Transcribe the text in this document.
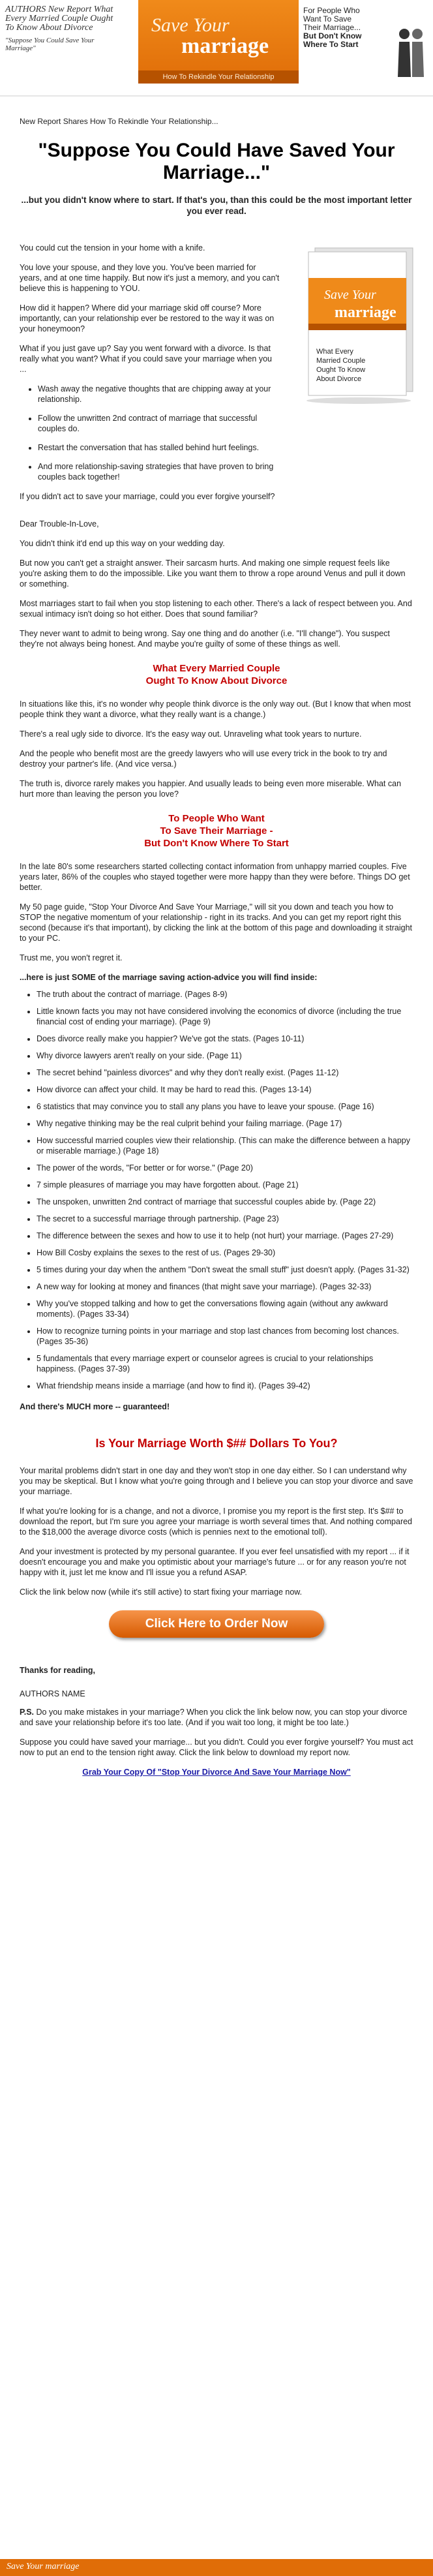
AUTHORS New Report What Every Married Couple Ought To Know About Divorce
"Suppose You Could Save Your Marriage"
Save Your
marriage
How To Rekindle Your Relationship
For People Who
Want To Save
Their Marriage...
But Don't Know
Where To Start
New Report Shares How To Rekindle Your Relationship...
"Suppose You Could Have Saved Your Marriage..."
...but you didn't know where to start. If that's you, than this could be the most important letter you ever read.

You could cut the tension in your home with a knife.

You love your spouse, and they love you. You've been married for years, and at one time happily. But now it's just a memory, and you can't believe this is happening to YOU.

How did it happen? Where did your marriage skid off course? More importantly, can your relationship ever be restored to the way it was on your honeymoon?

What if you just gave up? Say you went forward with a divorce. Is that really what you want? What if you could save your marriage when you ...

• Wash away the negative thoughts that are chipping away at your relationship.
• Follow the unwritten 2nd contract of marriage that successful couples do.
• Restart the conversation that has stalled behind hurt feelings.
• And more relationship-saving strategies that have proven to bring couples back together!

If you didn't act to save your marriage, could you ever forgive yourself?

Save Your
marriage
What Every
Married Couple
Ought To Know
About Divorce

Dear Trouble-In-Love,

You didn't think it'd end up this way on your wedding day.

But now you can't get a straight answer. Their sarcasm hurts. And making one simple request feels like you're asking them to do the impossible. Like you want them to throw a rope around Venus and pull it down or something.

Most marriages start to fail when you stop listening to each other. There's a lack of respect between you. And sexual intimacy isn't doing so hot either. Does that sound familiar?

They never want to admit to being wrong. Say one thing and do another (i.e. "I'll change"). You suspect they're not always being honest. And maybe you're guilty of some of these things as well.

What Every Married Couple
Ought To Know About Divorce

In situations like this, it's no wonder why people think divorce is the only way out. (But I know that when most people think they want a divorce, what they really want is a change.)

There's a real ugly side to divorce. It's the easy way out. Unraveling what took years to nurture.

And the people who benefit most are the greedy lawyers who will use every trick in the book to try and destroy your partner's life. (And vice versa.)

The truth is, divorce rarely makes you happier. And usually leads to being even more miserable. What can hurt more than leaving the person you love?

To People Who Want
To Save Their Marriage -
But Don't Know Where To Start

In the late 80's some researchers started collecting contact information from unhappy married couples. Five years later, 86% of the couples who stayed together were more happy than they were before. Things DO get better.

My 50 page guide, "Stop Your Divorce And Save Your Marriage," will sit you down and teach you how to STOP the negative momentum of your relationship - right in its tracks. And you can get my report right this second (because it's that important), by clicking the link at the bottom of this page and downloading it straight to your PC.

Trust me, you won't regret it.

...here is just SOME of the marriage saving action-advice you will find inside:

• The truth about the contract of marriage. (Pages 8-9)
• Little known facts you may not have considered involving the economics of divorce (including the true financial cost of ending your marriage). (Page 9)
• Does divorce really make you happier? We've got the stats. (Pages 10-11)
• Why divorce lawyers aren't really on your side. (Page 11)
• The secret behind "painless divorces" and why they don't really exist. (Pages 11-12)
• How divorce can affect your child. It may be hard to read this. (Pages 13-14)
• 6 statistics that may convince you to stall any plans you have to leave your spouse. (Page 16)
• Why negative thinking may be the real culprit behind your failing marriage. (Page 17)
• How successful married couples view their relationship. (This can make the difference between a happy or miserable marriage.) (Page 18)
• The power of the words, "For better or for worse." (Page 20)
• 7 simple pleasures of marriage you may have forgotten about. (Page 21)
• The unspoken, unwritten 2nd contract of marriage that successful couples abide by. (Page 22)
• The secret to a successful marriage through partnership. (Page 23)
• The difference between the sexes and how to use it to help (not hurt) your marriage. (Pages 27-29)
• How Bill Cosby explains the sexes to the rest of us. (Pages 29-30)
• 5 times during your day when the anthem "Don't sweat the small stuff" just doesn't apply. (Pages 31-32)
• A new way for looking at money and finances (that might save your marriage). (Pages 32-33)
• Why you've stopped talking and how to get the conversations flowing again (without any awkward moments). (Pages 33-34)
• How to recognize turning points in your marriage and stop last chances from becoming lost chances. (Pages 35-36)
• 5 fundamentals that every marriage expert or counselor agrees is crucial to your relationships happiness. (Pages 37-39)
• What friendship means inside a marriage (and how to find it). (Pages 39-42)

And there's MUCH more -- guaranteed!

Is Your Marriage Worth $## Dollars To You?

Your marital problems didn't start in one day and they won't stop in one day either. So I can understand why you may be skeptical. But I know what you're going through and I believe you can stop your divorce and save your marriage.

If what you're looking for is a change, and not a divorce, I promise you my report is the first step. It's $## to download the report, but I'm sure you agree your marriage is worth several times that. And nothing compared to the $18,000 the average divorce costs (which is pennies next to the emotional toll).

And your investment is protected by my personal guarantee. If you ever feel unsatisfied with my report ... if it doesn't encourage you and make you optimistic about your marriage's future ... or for any reason you're not happy with it, just let me know and I'll issue you a refund ASAP.

Click the link below now (while it's still active) to start fixing your marriage now.

Click Here to Order Now

Thanks for reading,

AUTHORS NAME

P.S. Do you make mistakes in your marriage? When you click the link below now, you can stop your divorce and save your relationship before it's too late. (And if you wait too long, it might be too late.)

Suppose you could have saved your marriage... but you didn't. Could you ever forgive yourself? You must act now to put an end to the tension right away. Click the link below to download my report now.

Grab Your Copy Of "Stop Your Divorce And Save Your Marriage Now"

Save Your marriage
